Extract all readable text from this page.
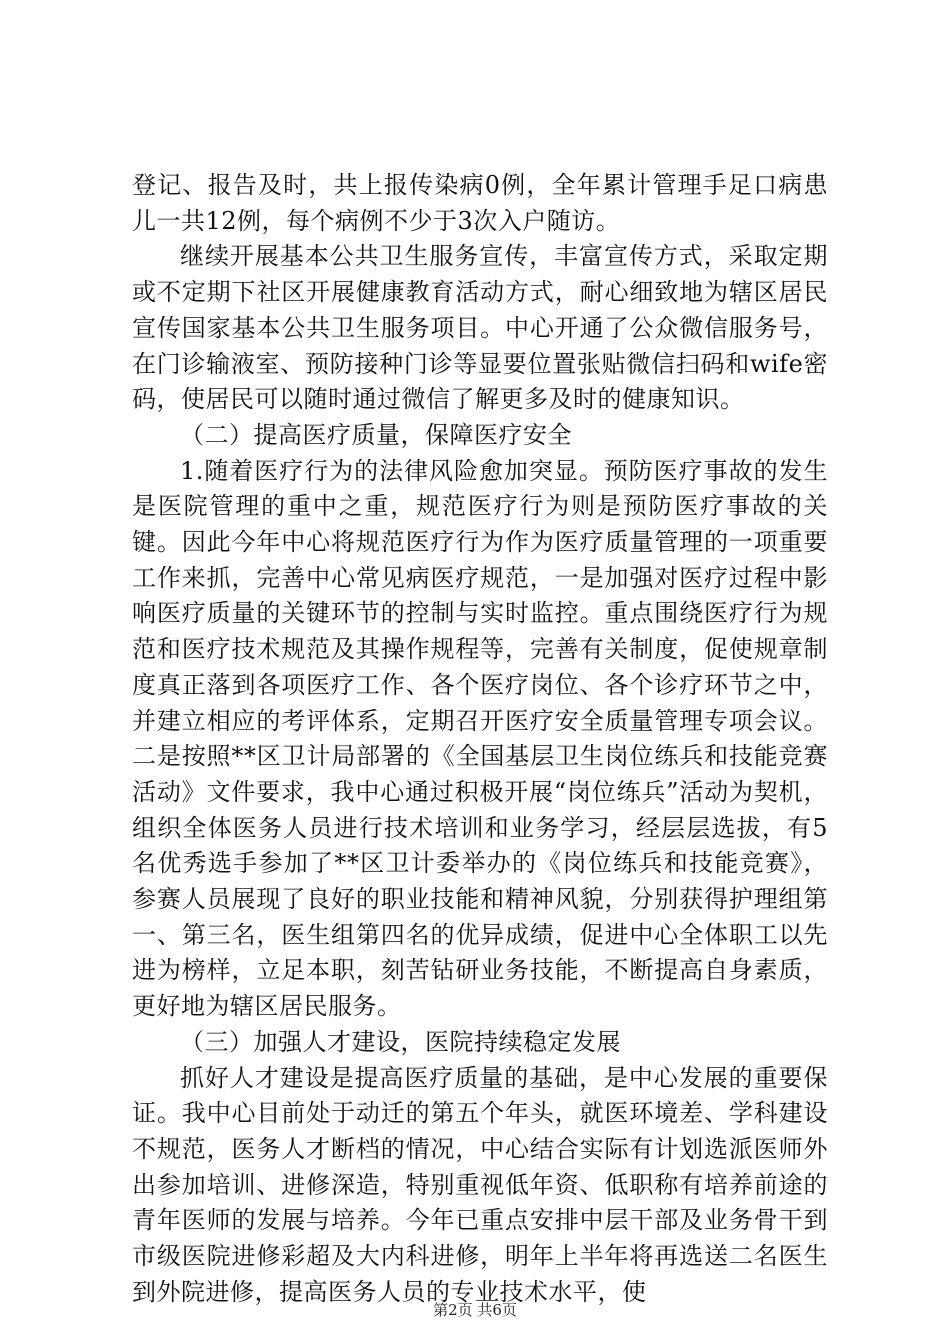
登记、报告及时，共上报传染病0例，全年累计管理手足口病患儿一共12例，每个病例不少于3次入户随访。

继续开展基本公共卫生服务宣传，丰富宣传方式，采取定期或不定期下社区开展健康教育活动方式，耐心细致地为辖区居民宣传国家基本公共卫生服务项目。中心开通了公众微信服务号，在门诊输液室、预防接种门诊等显要位置张贴微信扫码和wife密码，使居民可以随时通过微信了解更多及时的健康知识。

（二）提高医疗质量，保障医疗安全

1.随着医疗行为的法律风险愈加突显。预防医疗事故的发生是医院管理的重中之重，规范医疗行为则是预防医疗事故的关键。因此今年中心将规范医疗行为作为医疗质量管理的一项重要工作来抓，完善中心常见病医疗规范，一是加强对医疗过程中影响医疗质量的关键环节的控制与实时监控。重点围绕医疗行为规范和医疗技术规范及其操作规程等，完善有关制度，促使规章制度真正落到各项医疗工作、各个医疗岗位、各个诊疗环节之中，并建立相应的考评体系，定期召开医疗安全质量管理专项会议。二是按照**区卫计局部署的《全国基层卫生岗位练兵和技能竞赛活动》文件要求，我中心通过积极开展“岗位练兵”活动为契机，组织全体医务人员进行技术培训和业务学习，经层层选拔，有5名优秀选手参加了**区卫计委举办的《岗位练兵和技能竞赛》，参赛人员展现了良好的职业技能和精神风貌，分别获得护理组第一、第三名，医生组第四名的优异成绩，促进中心全体职工以先进为榜样，立足本职，刻苦钻研业务技能，不断提高自身素质，更好地为辖区居民服务。

（三）加强人才建设，医院持续稳定发展

抓好人才建设是提高医疗质量的基础，是中心发展的重要保证。我中心目前处于动迁的第五个年头，就医环境差、学科建设不规范，医务人才断档的情况，中心结合实际有计划选派医师外出参加培训、进修深造，特别重视低年资、低职称有培养前途的青年医师的发展与培养。今年已重点安排中层干部及业务骨干到市级医院进修彩超及大内科进修，明年上半年将再选送二名医生到外院进修，提高医务人员的专业技术水平，使

第2页 共6页
